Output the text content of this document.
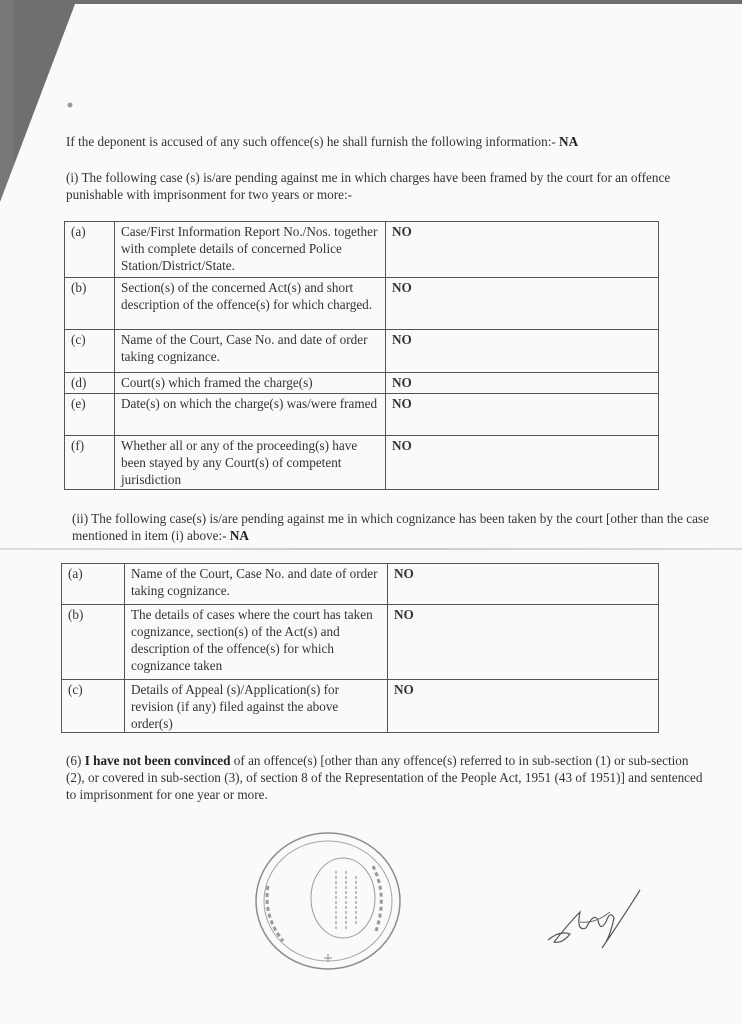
If the deponent is accused of any such offence(s) he shall furnish the following information:- NA
(i) The following case (s) is/are pending against me in which charges have been framed by the court for an offence punishable with imprisonment for two years or more:-
(a)	Case/First Information Report No./Nos. together with complete details of concerned Police Station/District/State.	NO
(b)	Section(s) of the concerned Act(s) and short description of the offence(s) for which charged.	NO
(c)	Name of the Court, Case No. and date of order taking cognizance.	NO
(d)	Court(s) which framed the charge(s)	NO
(e)	Date(s) on which the charge(s) was/were framed	NO
(f)	Whether all or any of the proceeding(s) have been stayed by any Court(s) of competent jurisdiction	NO
(ii) The following case(s) is/are pending against me in which cognizance has been taken by the court [other than the case mentioned in item (i) above:- NA
(a)	Name of the Court, Case No. and date of order taking cognizance.	NO
(b)	The details of cases where the court has taken cognizance, section(s) of the Act(s) and description of the offence(s) for which cognizance taken	NO
(c)	Details of Appeal (s)/Application(s) for revision (if any) filed against the above order(s)	NO
(6) I have not been convinced of an offence(s) [other than any offence(s) referred to in sub-section (1) or sub-section (2), or covered in sub-section (3), of section 8 of the Representation of the People Act, 1951 (43 of 1951)] and sentenced to imprisonment for one year or more.
